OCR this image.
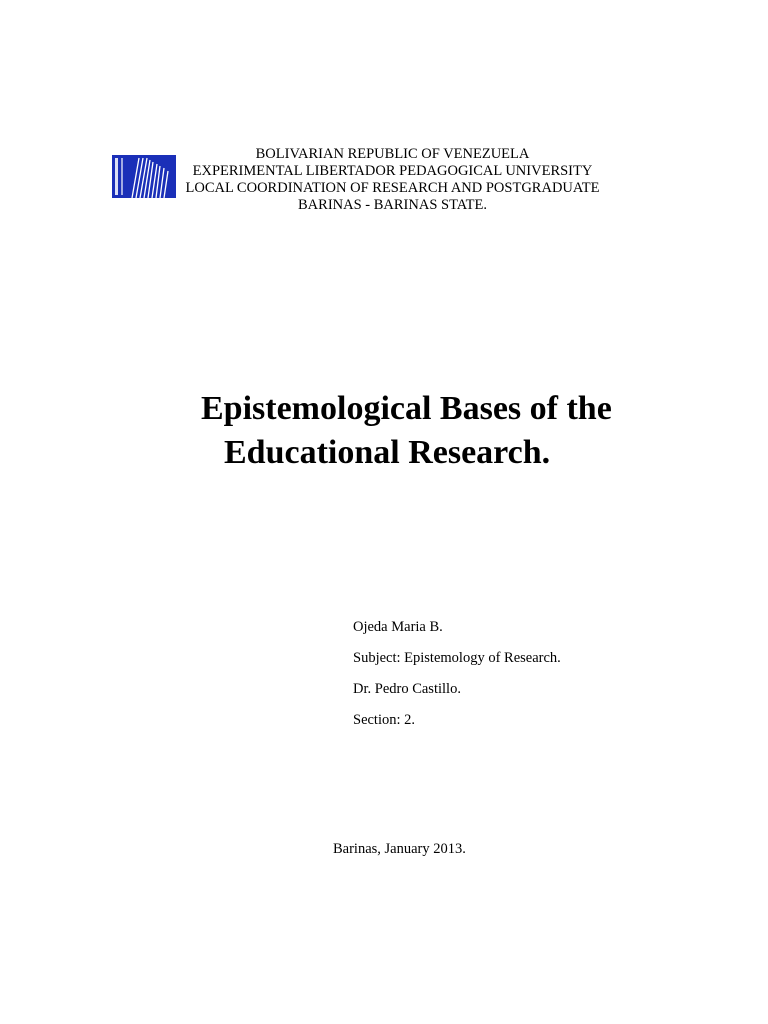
BOLIVARIAN REPUBLIC OF VENEZUELA
EXPERIMENTAL LIBERTADOR PEDAGOGICAL UNIVERSITY
LOCAL COORDINATION OF RESEARCH AND POSTGRADUATE
BARINAS - BARINAS STATE.
Epistemological Bases of the
Educational Research.
Ojeda Maria B.
Subject: Epistemology of Research.
Dr. Pedro Castillo.
Section: 2.
Barinas, January 2013.
